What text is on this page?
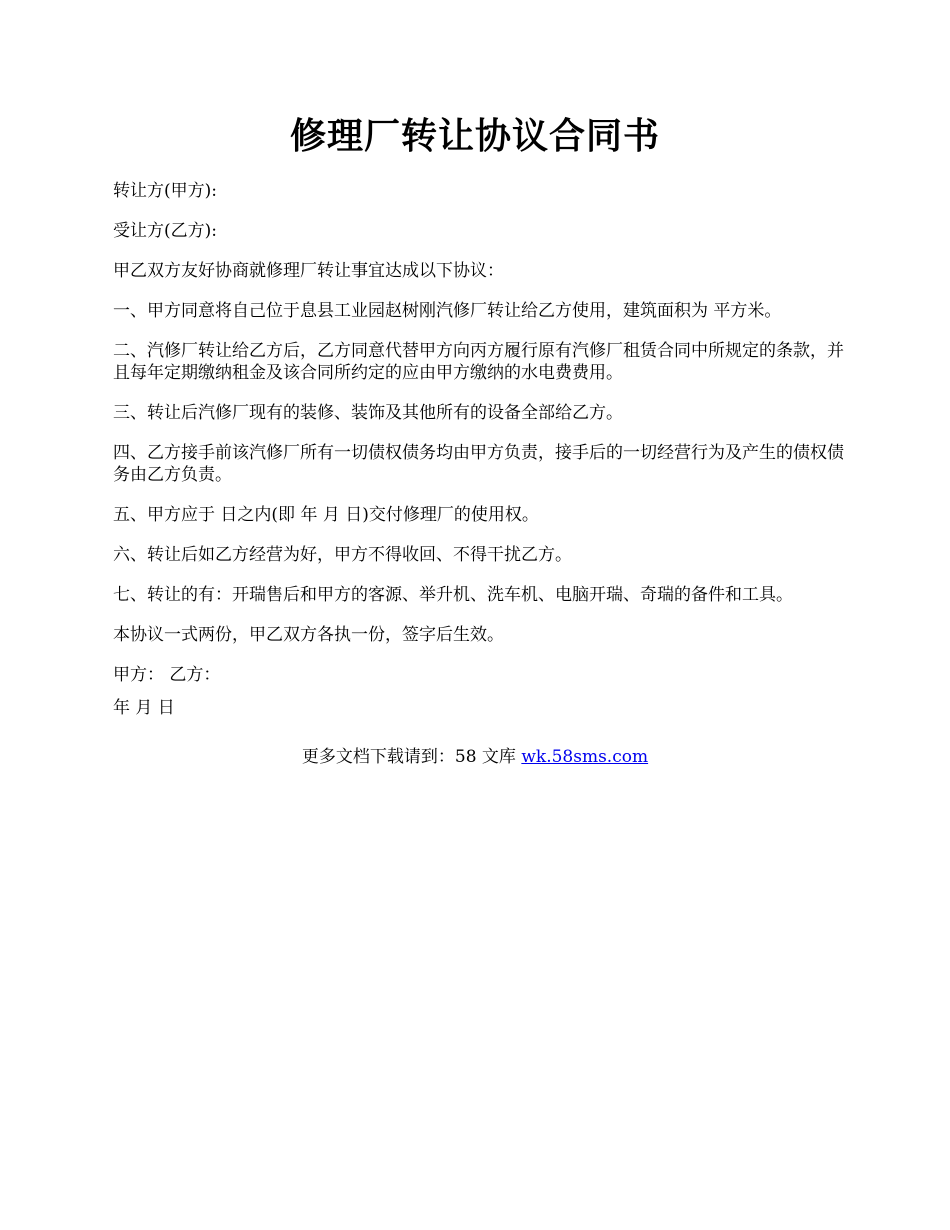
修理厂转让协议合同书

转让方(甲方):

受让方(乙方):

甲乙双方友好协商就修理厂转让事宜达成以下协议：

一、甲方同意将自己位于息县工业园赵树刚汽修厂转让给乙方使用，建筑面积为 平方米。

二、汽修厂转让给乙方后，乙方同意代替甲方向丙方履行原有汽修厂租赁合同中所规定的条款，并且每年定期缴纳租金及该合同所约定的应由甲方缴纳的水电费费用。

三、转让后汽修厂现有的装修、装饰及其他所有的设备全部给乙方。

四、乙方接手前该汽修厂所有一切债权债务均由甲方负责，接手后的一切经营行为及产生的债权债务由乙方负责。

五、甲方应于 日之内(即 年 月 日)交付修理厂的使用权。

六、转让后如乙方经营为好，甲方不得收回、不得干扰乙方。

七、转让的有：开瑞售后和甲方的客源、举升机、洗车机、电脑开瑞、奇瑞的备件和工具。

本协议一式两份，甲乙双方各执一份，签字后生效。

甲方： 乙方：

年 月 日

更多文档下载请到：58 文库 wk.58sms.com
